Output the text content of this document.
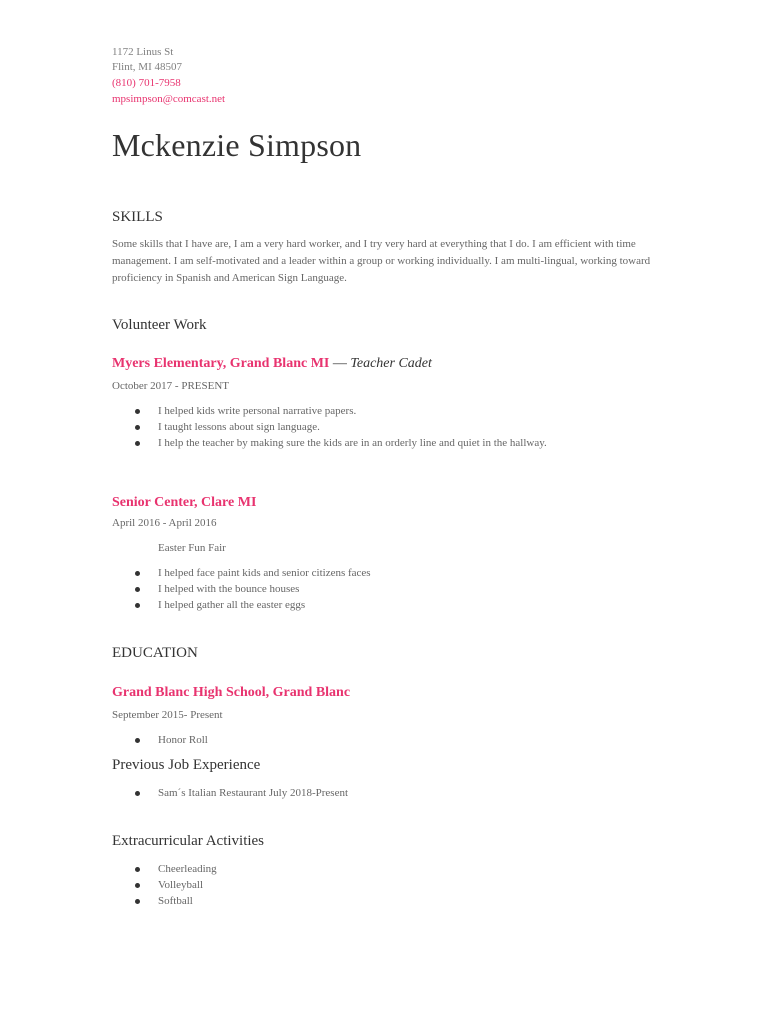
1172 Linus St
Flint, MI 48507
(810) 701-7958
mpsimpson@comcast.net
Mckenzie Simpson
SKILLS
Some skills that I have are, I am a very hard worker, and I try very hard at everything that I do. I am efficient with time management. I am self-motivated and a leader within a group or working individually. I am multi-lingual, working toward proficiency in Spanish and American Sign Language.
Volunteer Work
Myers Elementary, Grand Blanc MI — Teacher Cadet
October 2017 - PRESENT
I helped kids write personal narrative papers.
I taught lessons about sign language.
I help the teacher by making sure the kids are in an orderly line and quiet in the hallway.
Senior Center, Clare MI
April 2016 - April 2016
Easter Fun Fair
I helped face paint kids and senior citizens faces
I helped with the bounce houses
I helped gather all the easter eggs
EDUCATION
Grand Blanc High School, Grand Blanc
September 2015- Present
Honor Roll
Previous Job Experience
Sam´s Italian Restaurant July 2018-Present
Extracurricular Activities
Cheerleading
Volleyball
Softball
